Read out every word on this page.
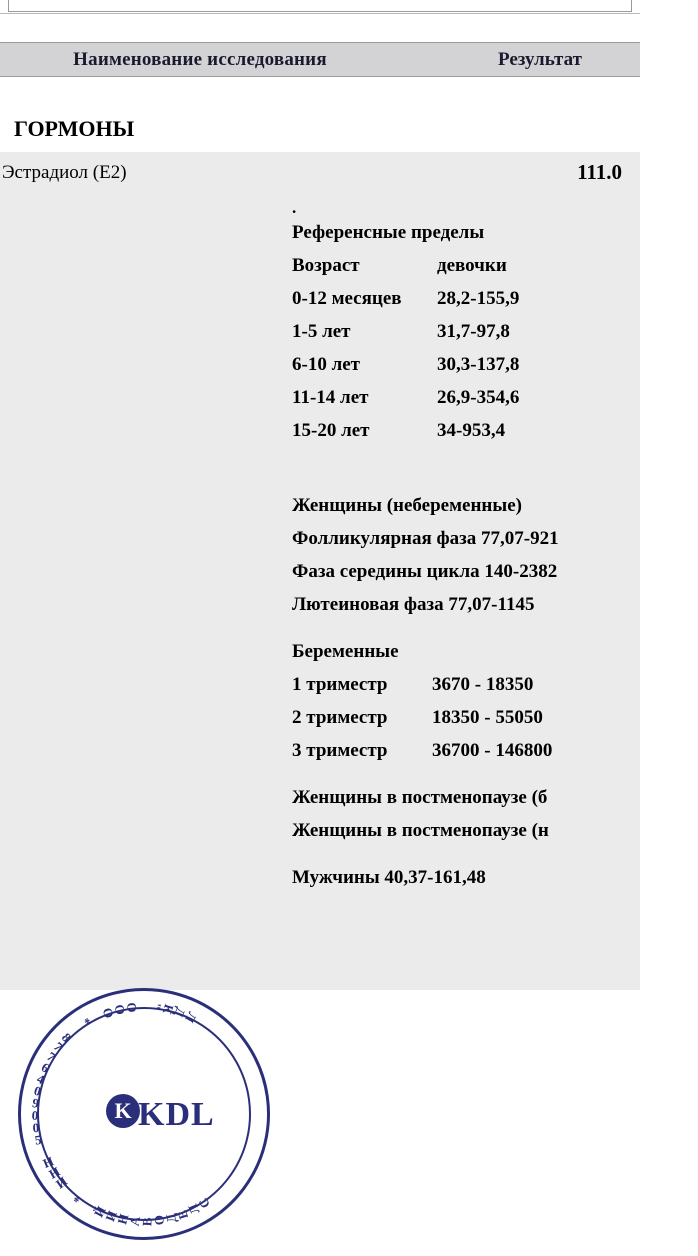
Наименование исследования	Результат
ГОРМОНЫ
Эстрадиол (E2)	111.0
.
Референсные пределы
Возраст	девочки
0-12 месяцев 28,2-155,9
1-5 лет	31,7-97,8
6-10 лет	30,3-137,8
11-14 лет	26,9-354,6
15-20 лет	34-953,4
Женщины (небеременные)
Фолликулярная фаза 77,07-921
Фаза середины цикла 140-2382
Лютеиновая фаза 77,07-1145
Беременные
1 триместр 3670 - 18350
2 триместр 18350 - 55050
3 триместр 36700 - 146800
Женщины в постменопаузе (б
Женщины в постменопаузе (н
Мужчины 40,37-161,48
С
Л
Е
Д
О
В
А
Н
И
Й
*
И
Н
Н
5
0
0
9
0
4
6
7
7
8
*
О
О
О "
К
Д
Л
K KDL
